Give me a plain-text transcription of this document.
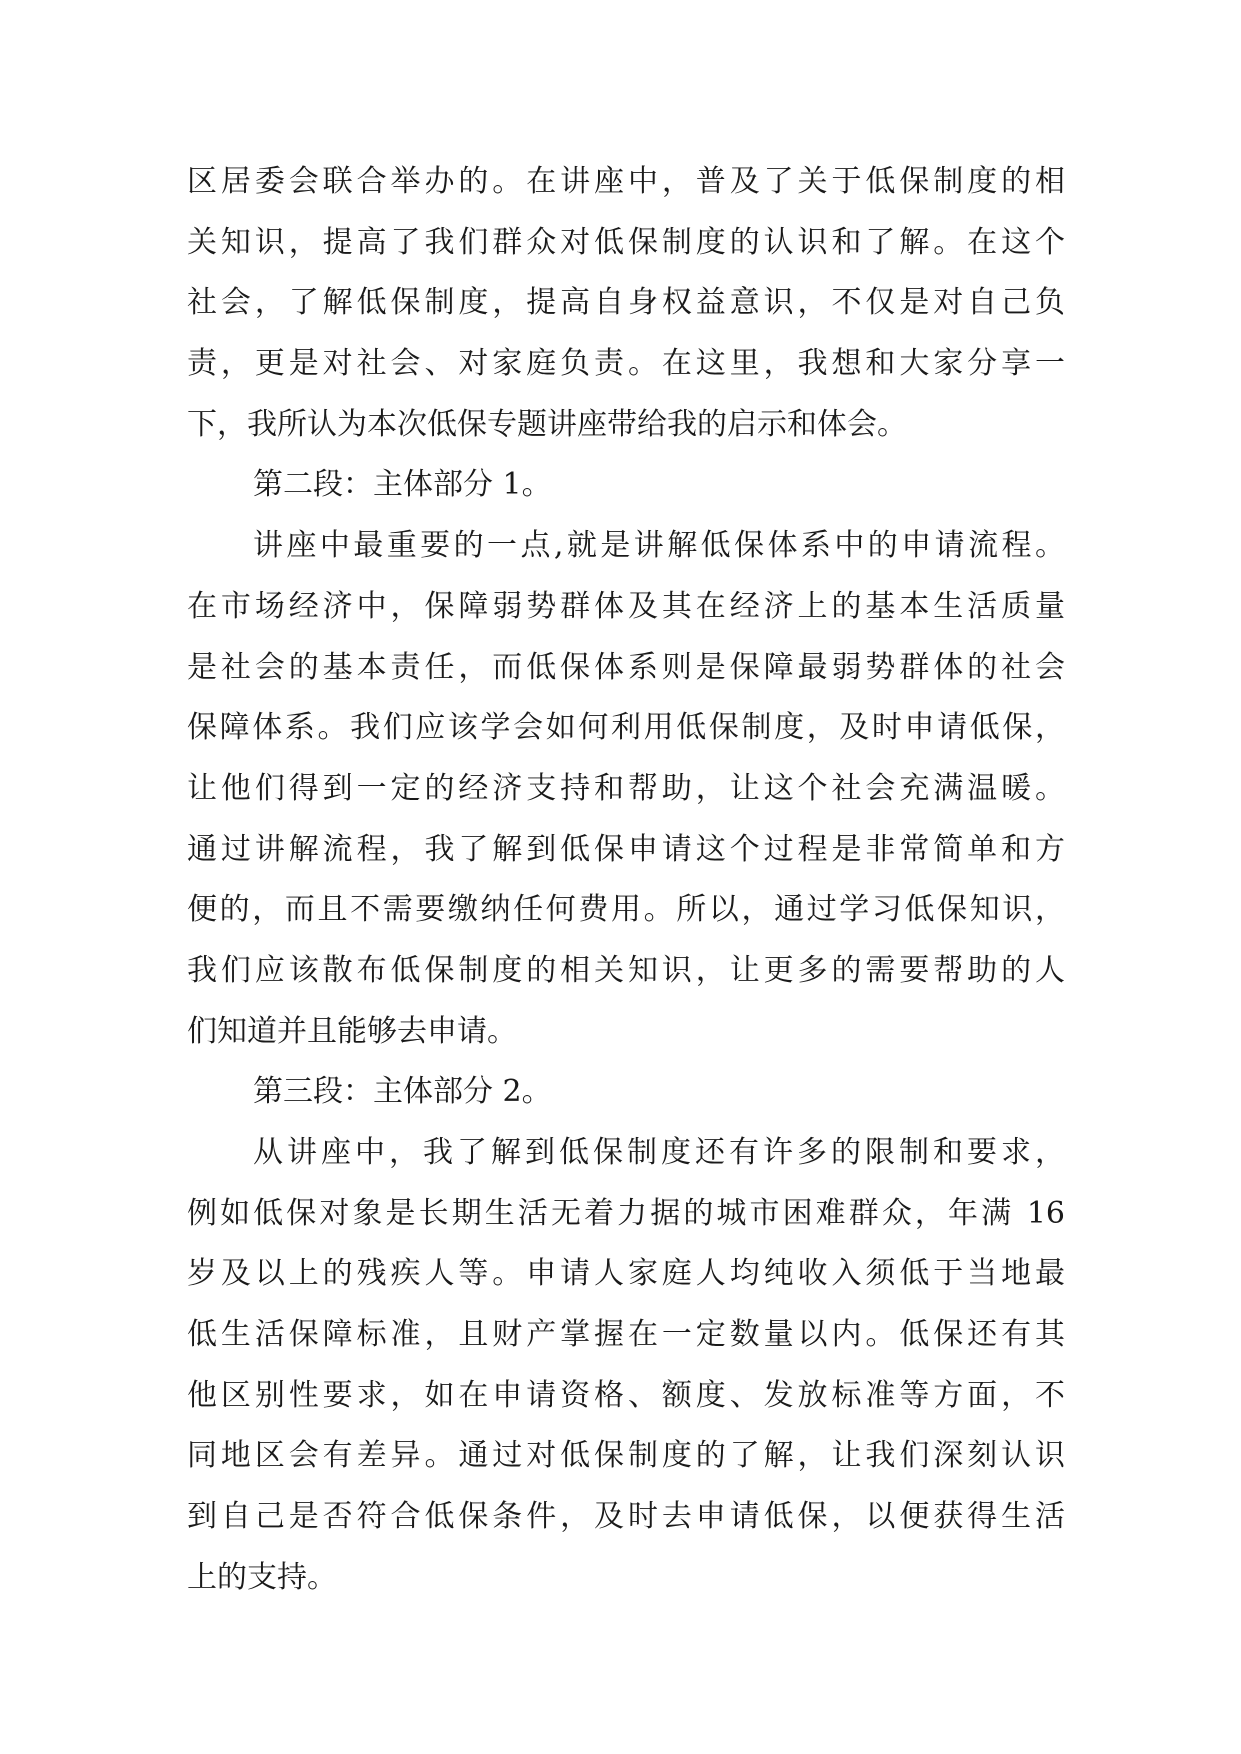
区居委会联合举办的。在讲座中，普及了关于低保制度的相
关知识，提高了我们群众对低保制度的认识和了解。在这个
社会，了解低保制度，提高自身权益意识，不仅是对自己负
责，更是对社会、对家庭负责。在这里，我想和大家分享一
下，我所认为本次低保专题讲座带给我的启示和体会。
第二段：主体部分 1。
讲座中最重要的一点,就是讲解低保体系中的申请流程。
在市场经济中，保障弱势群体及其在经济上的基本生活质量
是社会的基本责任，而低保体系则是保障最弱势群体的社会
保障体系。我们应该学会如何利用低保制度，及时申请低保，
让他们得到一定的经济支持和帮助，让这个社会充满温暖。
通过讲解流程，我了解到低保申请这个过程是非常简单和方
便的，而且不需要缴纳任何费用。所以，通过学习低保知识，
我们应该散布低保制度的相关知识，让更多的需要帮助的人
们知道并且能够去申请。
第三段：主体部分 2。
从讲座中，我了解到低保制度还有许多的限制和要求，
例如低保对象是长期生活无着力据的城市困难群众，年满 16
岁及以上的残疾人等。申请人家庭人均纯收入须低于当地最
低生活保障标准，且财产掌握在一定数量以内。低保还有其
他区别性要求，如在申请资格、额度、发放标准等方面，不
同地区会有差异。通过对低保制度的了解，让我们深刻认识
到自己是否符合低保条件，及时去申请低保，以便获得生活
上的支持。
